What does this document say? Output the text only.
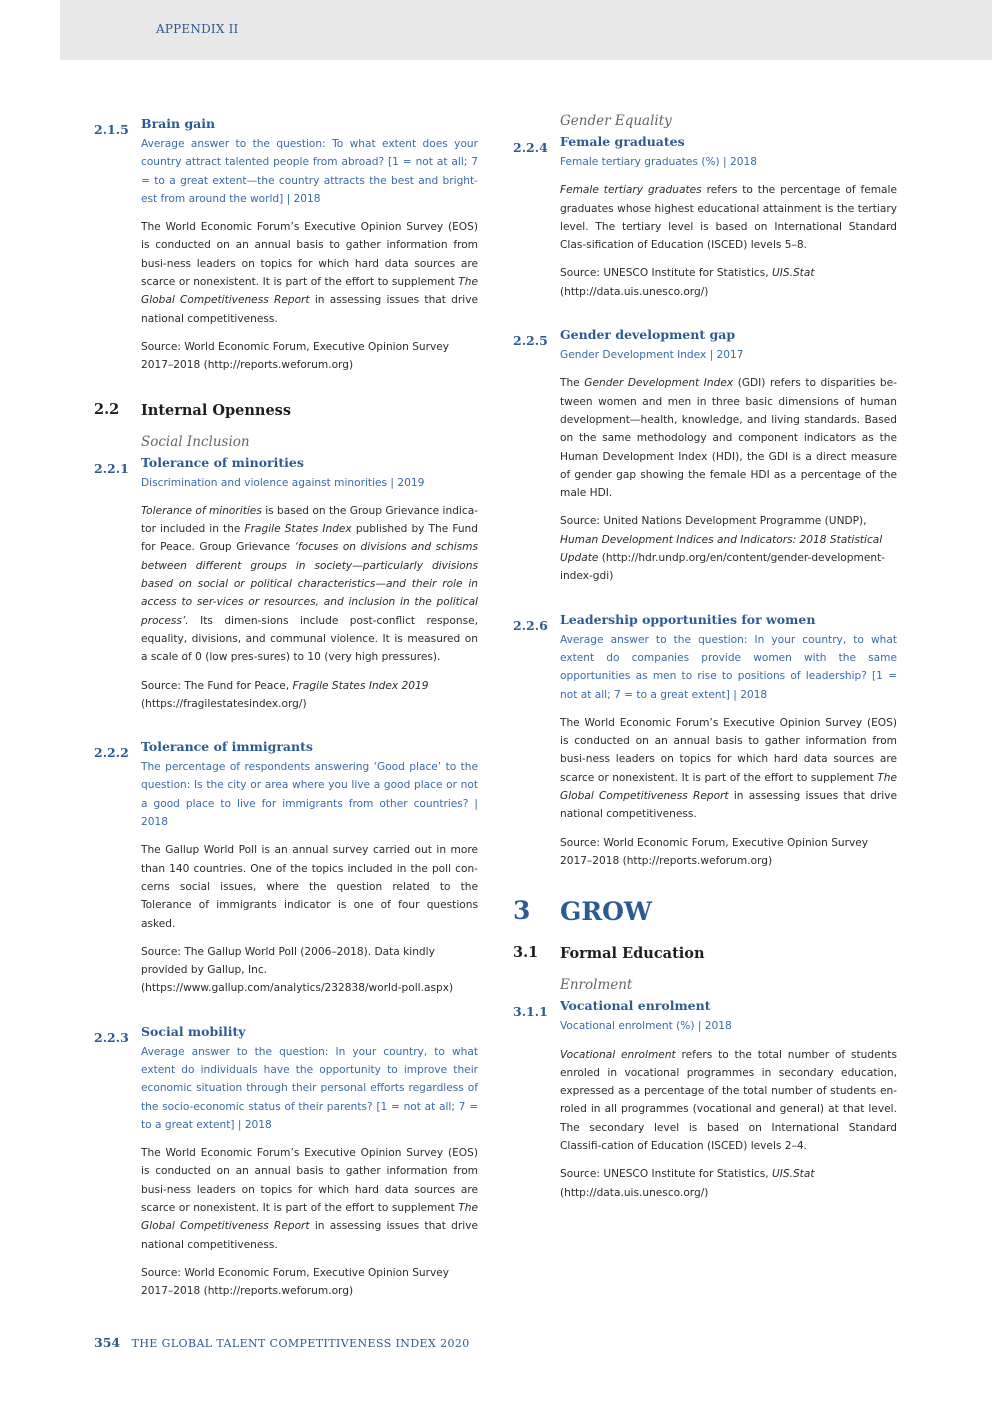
APPENDIX II
2.1.5 Brain gain

Average answer to the question: To what extent does your country attract talented people from abroad? [1 = not at all; 7 = to a great extent—the country attracts the best and bright-est from around the world] | 2018

The World Economic Forum’s Executive Opinion Survey (EOS) is conducted on an annual basis to gather information from busi-ness leaders on topics for which hard data sources are scarce or nonexistent. It is part of the effort to supplement The Global Competitiveness Report in assessing issues that drive national competitiveness.

Source: World Economic Forum, Executive Opinion Survey 2017–2018 (http://reports.weforum.org)

2.2 Internal Openness

Social Inclusion

2.2.1 Tolerance of minorities

Discrimination and violence against minorities | 2019

Tolerance of minorities is based on the Group Grievance indica-tor included in the Fragile States Index published by The Fund for Peace. Group Grievance ‘focuses on divisions and schisms between different groups in society—particularly divisions based on social or political characteristics—and their role in access to ser-vices or resources, and inclusion in the political process’. Its dimen-sions include post-conflict response, equality, divisions, and communal violence. It is measured on a scale of 0 (low pres-sures) to 10 (very high pressures).

Source: The Fund for Peace, Fragile States Index 2019 (https://fragilestatesindex.org/)

2.2.2 Tolerance of immigrants

The percentage of respondents answering ‘Good place’ to the question: Is the city or area where you live a good place or not a good place to live for immigrants from other countries? | 2018

The Gallup World Poll is an annual survey carried out in more than 140 countries. One of the topics included in the poll con-cerns social issues, where the question related to the Tolerance of immigrants indicator is one of four questions asked.

Source: The Gallup World Poll (2006–2018). Data kindly provided by Gallup, Inc. (https://www.gallup.com/analytics/232838/world-poll.aspx)

2.2.3 Social mobility

Average answer to the question: In your country, to what extent do individuals have the opportunity to improve their economic situation through their personal efforts regardless of the socio-economic status of their parents? [1 = not at all; 7 = to a great extent] | 2018

The World Economic Forum’s Executive Opinion Survey (EOS) is conducted on an annual basis to gather information from busi-ness leaders on topics for which hard data sources are scarce or nonexistent. It is part of the effort to supplement The Global Competitiveness Report in assessing issues that drive national competitiveness.

Source: World Economic Forum, Executive Opinion Survey 2017–2018 (http://reports.weforum.org)

Gender Equality

2.2.4 Female graduates

Female tertiary graduates (%) | 2018

Female tertiary graduates refers to the percentage of female graduates whose highest educational attainment is the tertiary level. The tertiary level is based on International Standard Clas-sification of Education (ISCED) levels 5–8.

Source: UNESCO Institute for Statistics, UIS.Stat (http://data.uis.unesco.org/)

2.2.5 Gender development gap

Gender Development Index | 2017

The Gender Development Index (GDI) refers to disparities be-tween women and men in three basic dimensions of human development—health, knowledge, and living standards. Based on the same methodology and component indicators as the Human Development Index (HDI), the GDI is a direct measure of gender gap showing the female HDI as a percentage of the male HDI.

Source: United Nations Development Programme (UNDP), Human Development Indices and Indicators: 2018 Statistical Update (http://hdr.undp.org/en/content/gender-development-index-gdi)

2.2.6 Leadership opportunities for women

Average answer to the question: In your country, to what extent do companies provide women with the same opportunities as men to rise to positions of leadership? [1 = not at all; 7 = to a great extent] | 2018

The World Economic Forum’s Executive Opinion Survey (EOS) is conducted on an annual basis to gather information from busi-ness leaders on topics for which hard data sources are scarce or nonexistent. It is part of the effort to supplement The Global Competitiveness Report in assessing issues that drive national competitiveness.

Source: World Economic Forum, Executive Opinion Survey 2017–2018 (http://reports.weforum.org)

3 GROW
3.1 Formal Education

Enrolment

3.1.1 Vocational enrolment

Vocational enrolment (%) | 2018

Vocational enrolment refers to the total number of students enroled in vocational programmes in secondary education, expressed as a percentage of the total number of students en-roled in all programmes (vocational and general) at that level. The secondary level is based on International Standard Classifi-cation of Education (ISCED) levels 2–4.

Source: UNESCO Institute for Statistics, UIS.Stat (http://data.uis.unesco.org/)

354 THE GLOBAL TALENT COMPETITIVENESS INDEX 2020
